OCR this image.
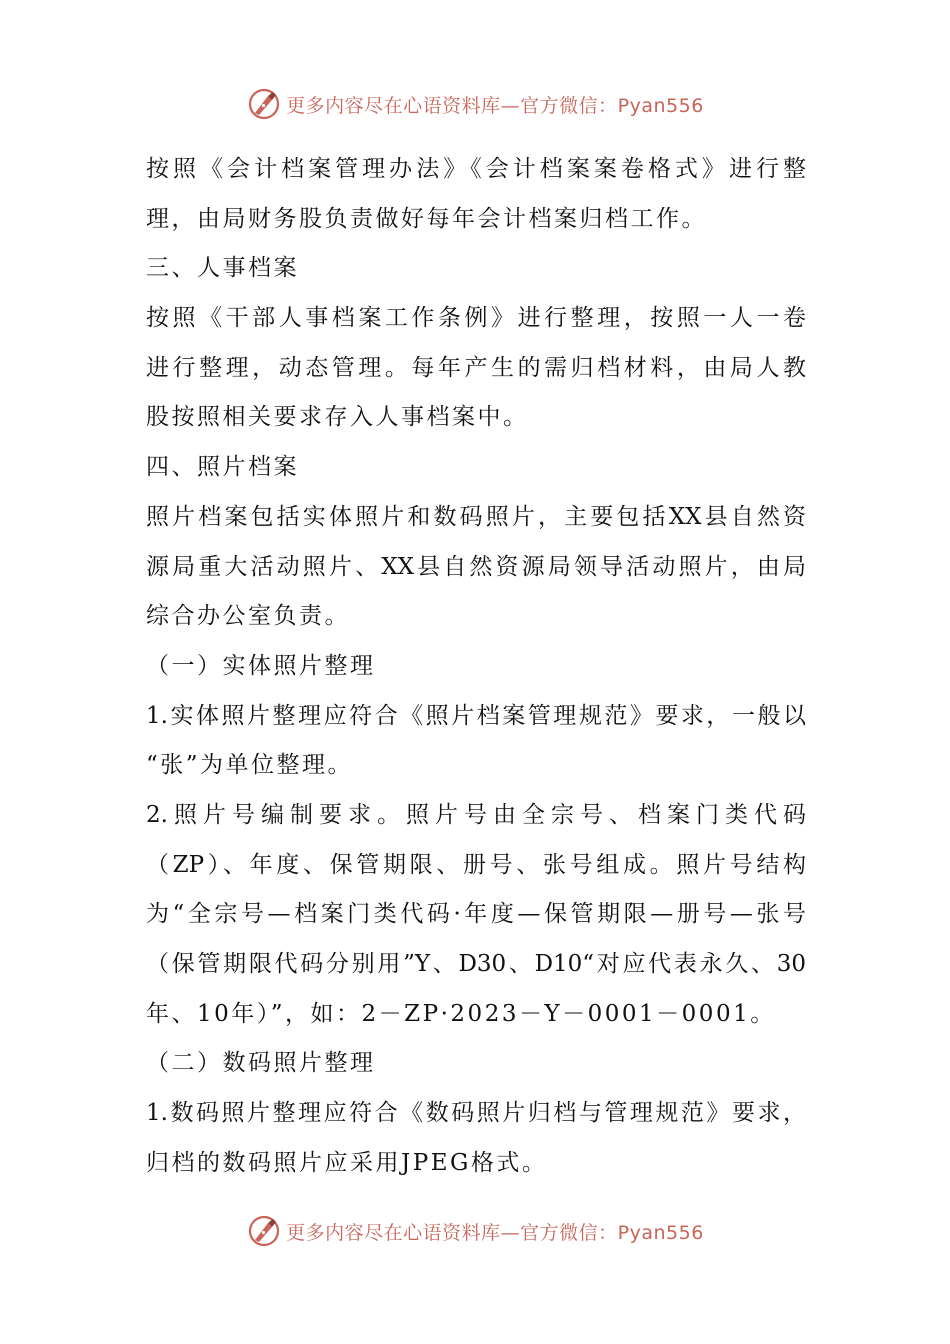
更多内容尽在心语资料库—官方微信：Pyan556
按照《会计档案管理办法》《会计档案案卷格式》进行整
理，由局财务股负责做好每年会计档案归档工作。
三、人事档案
按照《干部人事档案工作条例》进行整理，按照一人一卷
进行整理，动态管理。每年产生的需归档材料，由局人教
股按照相关要求存入人事档案中。
四、照片档案
照片档案包括实体照片和数码照片，主要包括XX县自然资
源局重大活动照片、XX县自然资源局领导活动照片，由局
综合办公室负责。
（一）实体照片整理
1.实体照片整理应符合《照片档案管理规范》要求，一般以
“张”为单位整理。
2.照片号编制要求。照片号由全宗号、档案门类代码
（ZP）、年度、保管期限、册号、张号组成。照片号结构
为“全宗号—档案门类代码·年度—保管期限—册号—张号
（保管期限代码分别用”Y、D30、D10“对应代表永久、30
年、10年）”，如：2－ZP·2023－Y－0001－0001。
（二）数码照片整理
1.数码照片整理应符合《数码照片归档与管理规范》要求，
归档的数码照片应采用JPEG格式。
更多内容尽在心语资料库—官方微信：Pyan556
